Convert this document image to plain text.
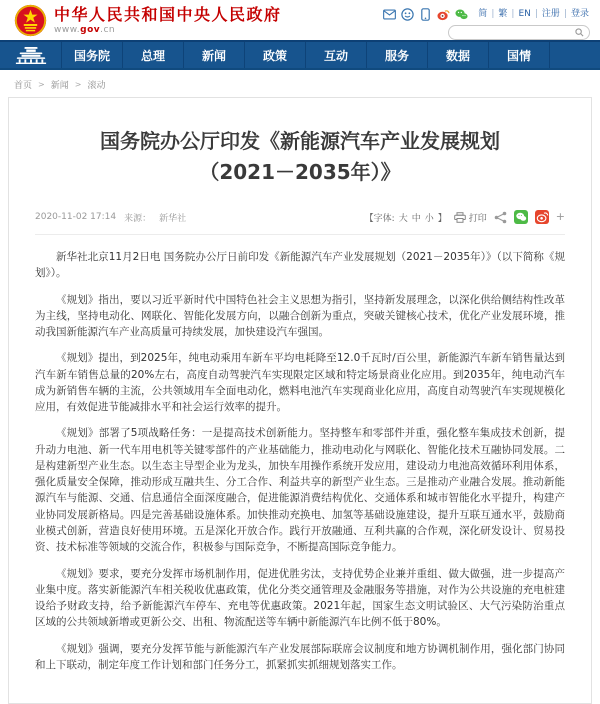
中华人民共和国中央人民政府
www.gov.cn
简 | 繁 | EN | 注册 | 登录
国务院	总理	新闻	政策	互动	服务	数据	国情
首页 > 新闻 > 滚动
国务院办公厅印发《新能源汽车产业发展规划
（2021－2035年）》
2020-11-02 17:14 来源： 新华社	【字体: 大 中 小 】 打印	+

新华社北京11月2日电 国务院办公厅日前印发《新能源汽车产业发展规划（2021－2035年）》（以下简称《规划》）。

《规划》指出，要以习近平新时代中国特色社会主义思想为指引，坚持新发展理念，以深化供给侧结构性改革为主线，坚持电动化、网联化、智能化发展方向，以融合创新为重点，突破关键核心技术，优化产业发展环境，推动我国新能源汽车产业高质量可持续发展，加快建设汽车强国。

《规划》提出，到2025年，纯电动乘用车新车平均电耗降至12.0千瓦时/百公里，新能源汽车新车销售量达到汽车新车销售总量的20%左右，高度自动驾驶汽车实现限定区域和特定场景商业化应用。到2035年，纯电动汽车成为新销售车辆的主流，公共领域用车全面电动化，燃料电池汽车实现商业化应用，高度自动驾驶汽车实现规模化应用，有效促进节能减排水平和社会运行效率的提升。

《规划》部署了5项战略任务：一是提高技术创新能力。坚持整车和零部件并重，强化整车集成技术创新，提升动力电池、新一代车用电机等关键零部件的产业基础能力，推动电动化与网联化、智能化技术互融协同发展。二是构建新型产业生态。以生态主导型企业为龙头，加快车用操作系统开发应用，建设动力电池高效循环利用体系，强化质量安全保障，推动形成互融共生、分工合作、利益共享的新型产业生态。三是推动产业融合发展。推动新能源汽车与能源、交通、信息通信全面深度融合，促进能源消费结构优化、交通体系和城市智能化水平提升，构建产业协同发展新格局。四是完善基础设施体系。加快推动充换电、加氢等基础设施建设，提升互联互通水平，鼓励商业模式创新，营造良好使用环境。五是深化开放合作。践行开放融通、互利共赢的合作观，深化研发设计、贸易投资、技术标准等领域的交流合作，积极参与国际竞争，不断提高国际竞争能力。

《规划》要求，要充分发挥市场机制作用，促进优胜劣汰，支持优势企业兼并重组、做大做强，进一步提高产业集中度。落实新能源汽车相关税收优惠政策，优化分类交通管理及金融服务等措施，对作为公共设施的充电桩建设给予财政支持，给予新能源汽车停车、充电等优惠政策。2021年起，国家生态文明试验区、大气污染防治重点区域的公共领域新增或更新公交、出租、物流配送等车辆中新能源汽车比例不低于80%。

《规划》强调，要充分发挥节能与新能源汽车产业发展部际联席会议制度和地方协调机制作用，强化部门协同和上下联动，制定年度工作计划和部门任务分工，抓紧抓实抓细规划落实工作。
